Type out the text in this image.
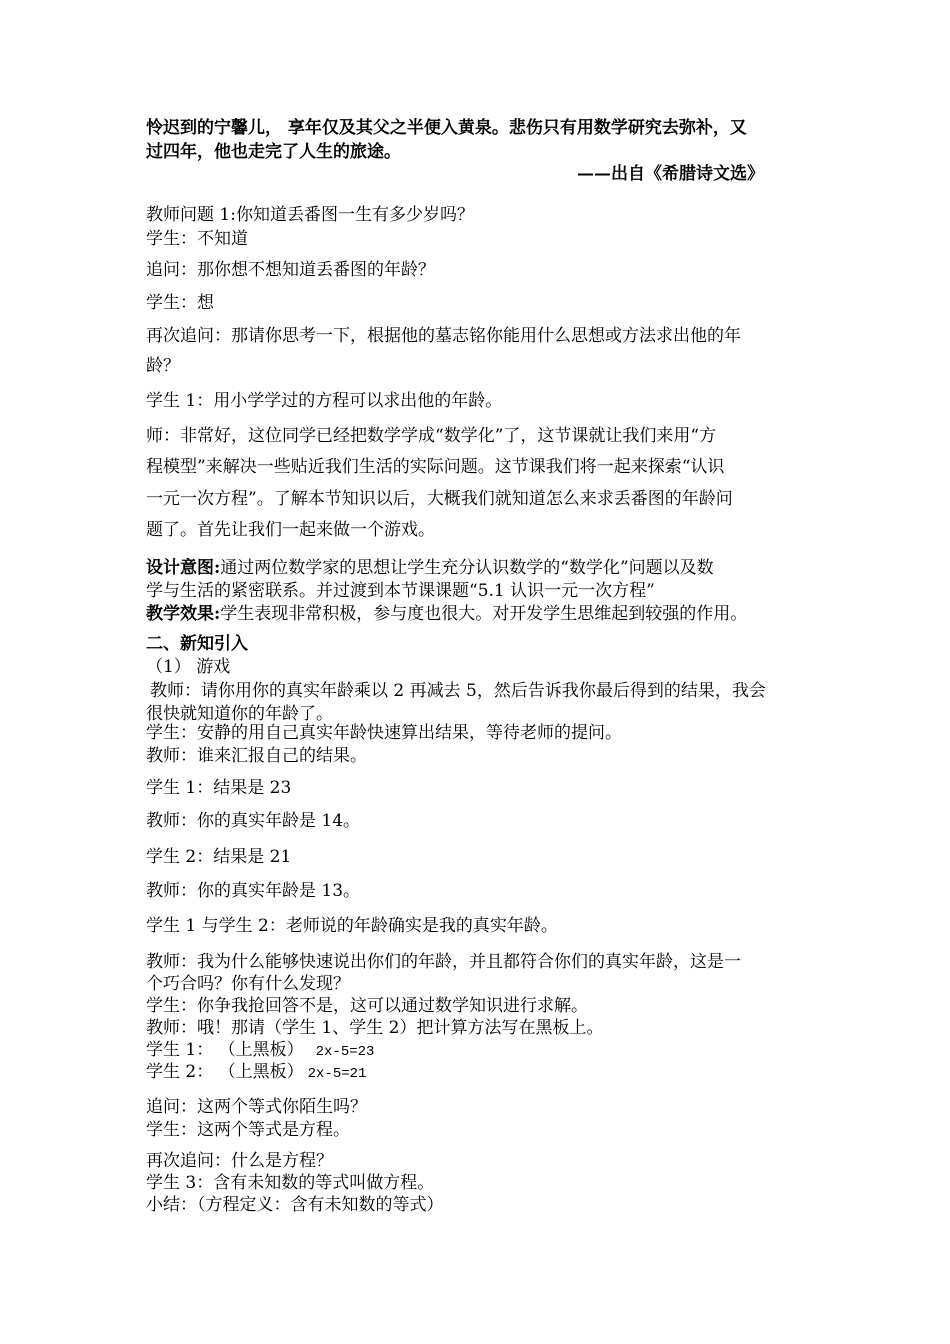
怜迟到的宁馨儿， 享年仅及其父之半便入黄泉。悲伤只有用数学研究去弥补，又
过四年，他也走完了人生的旅途。
——出自《希腊诗文选》
教师问题 1:你知道丢番图一生有多少岁吗？
学生：不知道
追问：那你想不想知道丢番图的年龄？
学生：想
再次追问：那请你思考一下，根据他的墓志铭你能用什么思想或方法求出他的年
龄？
学生 1：用小学学过的方程可以求出他的年龄。
师：非常好，这位同学已经把数学学成“数学化”了，这节课就让我们来用“方
程模型”来解决一些贴近我们生活的实际问题。这节课我们将一起来探索“认识
一元一次方程”。了解本节知识以后，大概我们就知道怎么来求丢番图的年龄问
题了。首先让我们一起来做一个游戏。
设计意图:通过两位数学家的思想让学生充分认识数学的“数学化”问题以及数
学与生活的紧密联系。并过渡到本节课课题“5.1 认识一元一次方程”
教学效果:学生表现非常积极，参与度也很大。对开发学生思维起到较强的作用。
二、新知引入
（1） 游戏
教师：请你用你的真实年龄乘以 2 再减去 5，然后告诉我你最后得到的结果，我会
很快就知道你的年龄了。
学生：安静的用自己真实年龄快速算出结果，等待老师的提问。
教师：谁来汇报自己的结果。
学生 1：结果是 23
教师：你的真实年龄是 14。
学生 2：结果是 21
教师：你的真实年龄是 13。
学生 1 与学生 2：老师说的年龄确实是我的真实年龄。
教师：我为什么能够快速说出你们的年龄，并且都符合你们的真实年龄，这是一
个巧合吗？你有什么发现？
学生：你争我抢回答不是，这可以通过数学知识进行求解。
教师：哦！那请（学生 1、学生 2）把计算方法写在黑板上。
学生 1： （上黑板） 2x-5=23
学生 2： （上黑板） 2x-5=21
追问：这两个等式你陌生吗？
学生：这两个等式是方程。
再次追问：什么是方程？
学生 3：含有未知数的等式叫做方程。
小结：（方程定义：含有未知数的等式）
